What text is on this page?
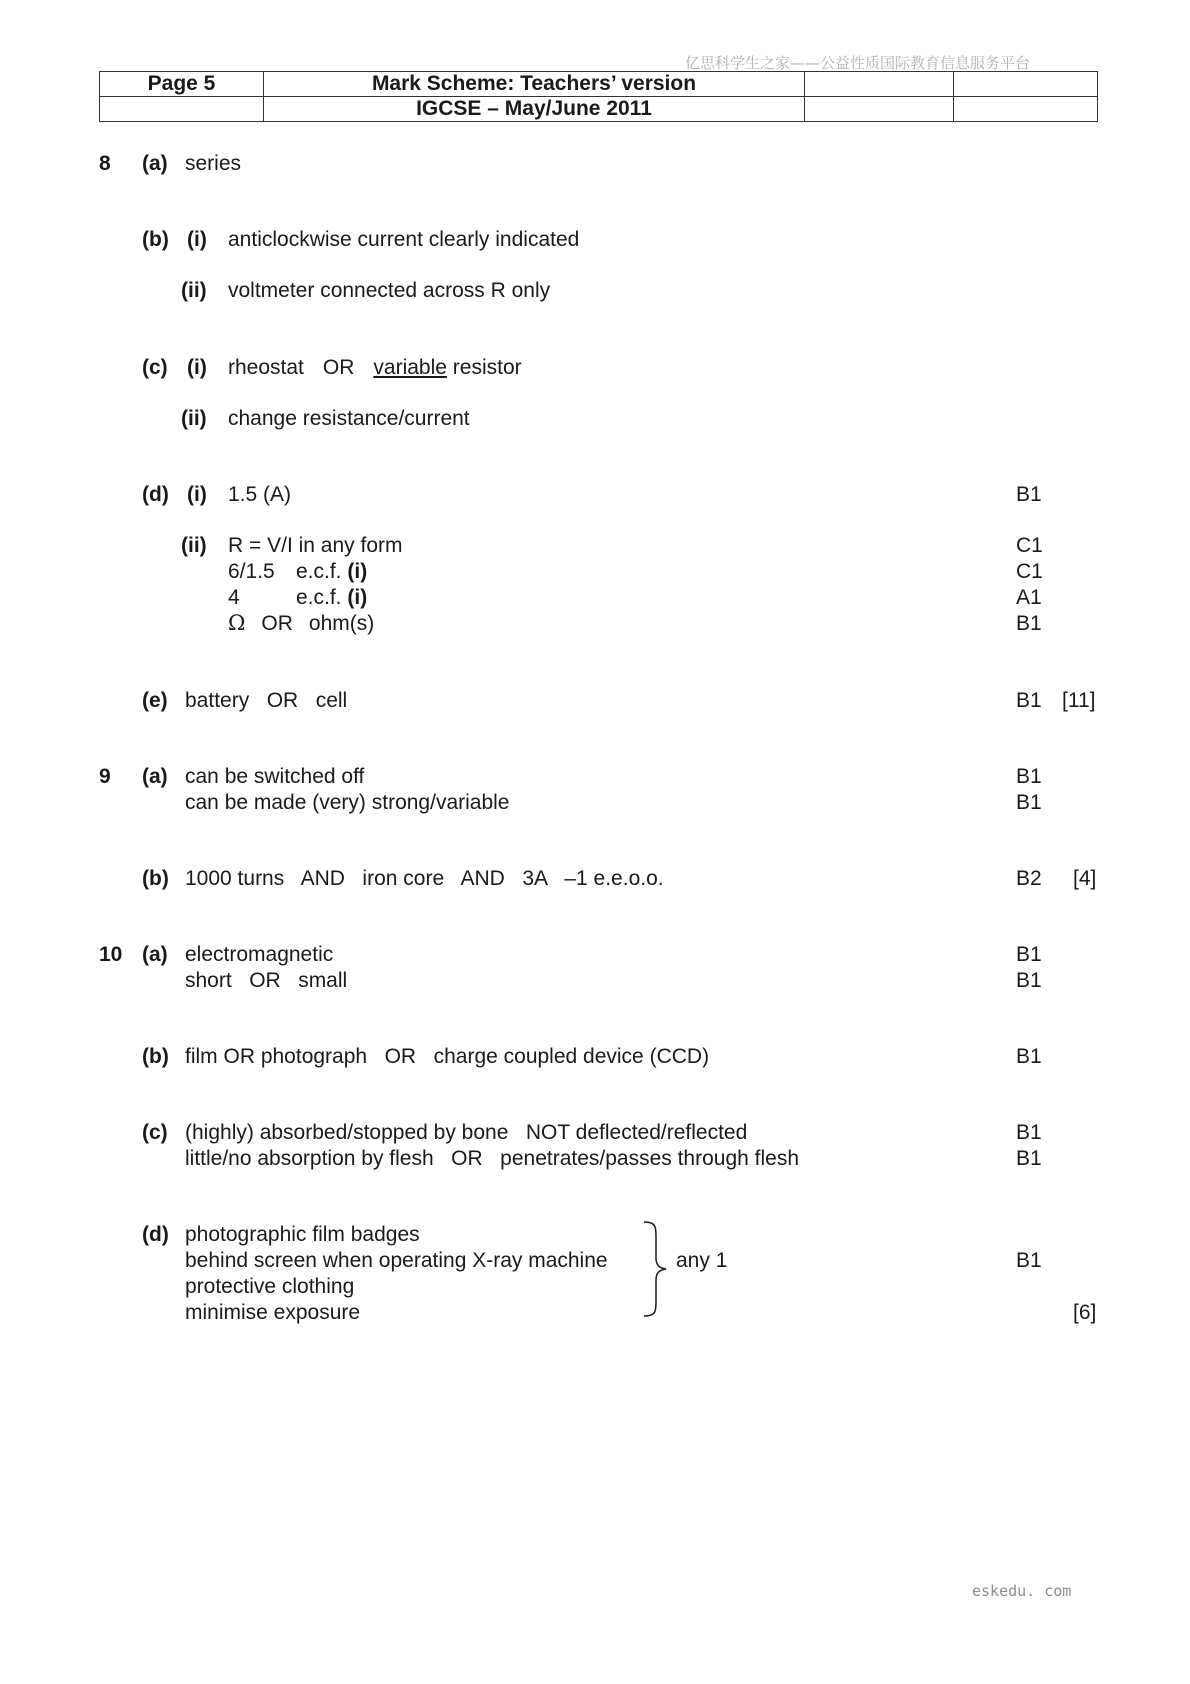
亿思科学生之家——公益性质国际教育信息服务平台
Page 5	Mark Scheme: Teachers’ version		
	IGCSE – May/June 2011		
8 (a) series
(b) (i) anticlockwise current clearly indicated
(ii) voltmeter connected across R only
(c) (i) rheostat OR variable resistor
(ii) change resistance/current
(d) (i) 1.5 (A)	B1
(ii) R = V/I in any form	C1
6/1.5 e.c.f. (i)	C1
4	e.c.f. (i)	A1
Ω OR ohm(s)	B1
(e) battery   OR   cell	B1 [11]
9 (a) can be switched off	B1
can be made (very) strong/variable	B1
(b) 1000 turns   AND   iron core   AND   3A   –1 e.e.o.o.	B2 [4]
10 (a) electromagnetic	B1
short   OR   small	B1
(b) film OR photograph   OR   charge coupled device (CCD)	B1
(c) (highly) absorbed/stopped by bone   NOT deflected/reflected	B1
little/no absorption by flesh   OR   penetrates/passes through flesh	B1
(d) photographic film badges
behind screen when operating X-ray machine
protective clothing
minimise exposure
any 1	B1
[6]
eskedu. com
